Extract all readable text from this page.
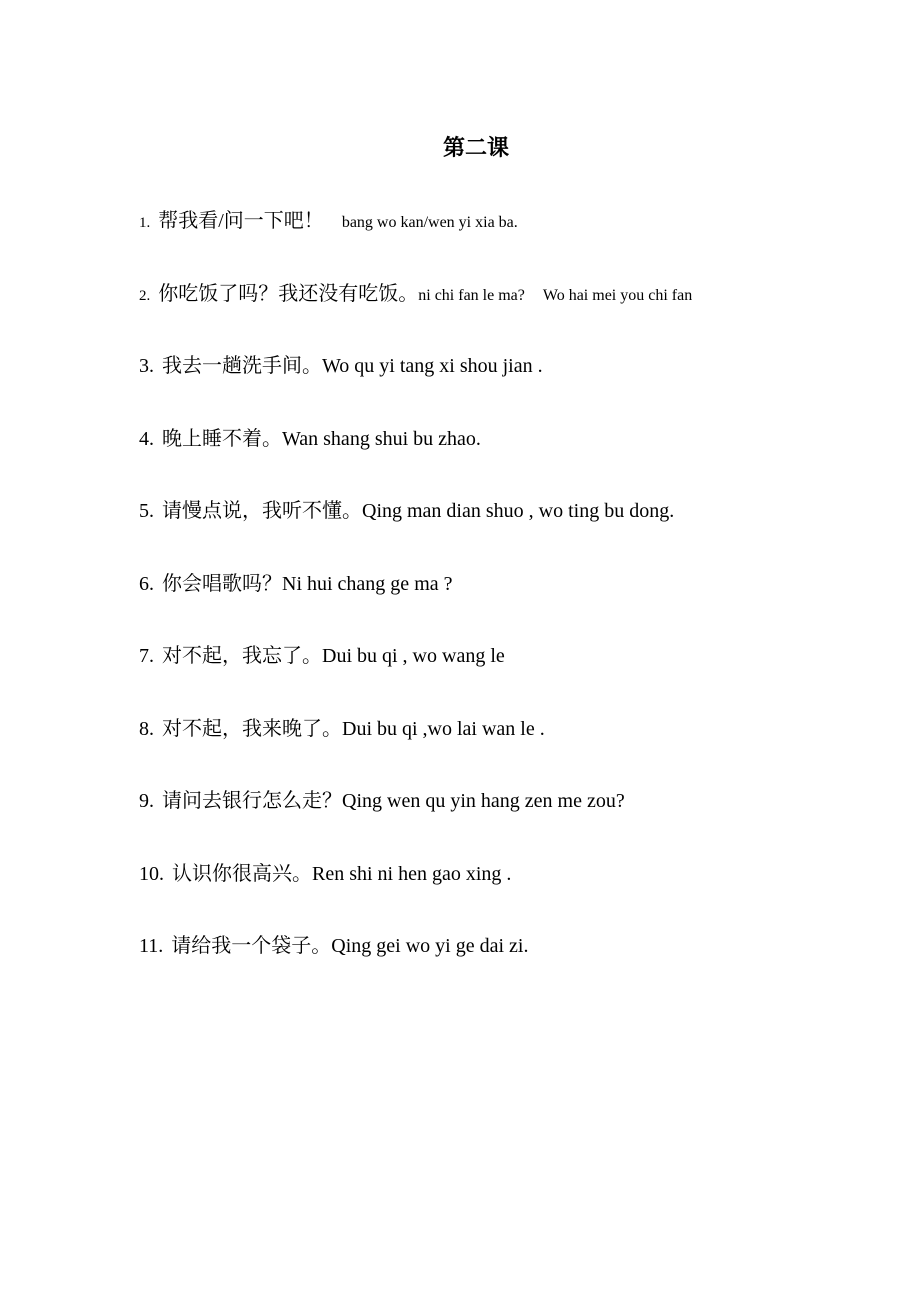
第二课
1. 帮我看/问一下吧！ bang wo kan/wen yi xia ba.
2. 你吃饭了吗？我还没有吃饭。ni chi fan le ma? Wo hai mei you chi fan
3. 我去一趟洗手间。Wo qu yi tang xi shou jian .
4. 晚上睡不着。Wan shang shui bu zhao.
5. 请慢点说，我听不懂。Qing man dian shuo , wo ting bu dong.
6. 你会唱歌吗？Ni hui chang ge ma ?
7. 对不起，我忘了。Dui bu qi , wo wang le
8. 对不起，我来晚了。Dui bu qi ,wo lai wan le .
9. 请问去银行怎么走？Qing wen qu yin hang zen me zou?
10. 认识你很高兴。Ren shi ni hen gao xing .
11. 请给我一个袋子。Qing gei wo yi ge dai zi.
